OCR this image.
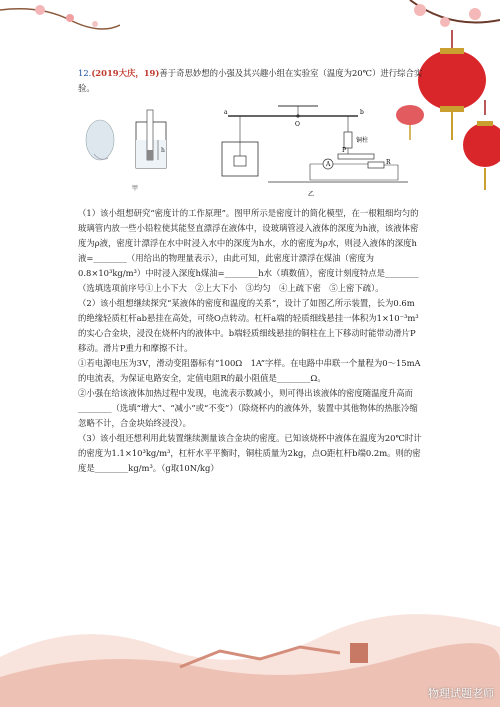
12.(2019大庆，19)善于奇思妙想的小强及其兴趣小组在实验室（温度为20℃）进行综合实验。

h
甲
a
O
b
铜柱
P
A	R
乙

（1）该小组想研究“密度计的工作原理”。图甲所示是密度计的简化模型，在一根粗细均匀的玻璃管内放一些小铅粒使其能竖直漂浮在液体中，设玻璃管浸入液体的深度为h液，该液体密度为ρ液，密度计漂浮在水中时浸入水中的深度为h水，水的密度为ρ水，则浸入液体的深度h液=________（用给出的物理量表示），由此可知，此密度计漂浮在煤油（密度为0.8×10³kg/m³）中时浸入深度h煤油=________h水（填数值），密度计刻度特点是________（选填选项前序号①上小下大　②上大下小　③均匀　④上疏下密　⑤上密下疏）。

（2）该小组想继续探究“某液体的密度和温度的关系”，设计了如图乙所示装置，长为0.6m的绝缘轻质杠杆ab悬挂在高处，可绕O点转动。杠杆a端的轻质细线悬挂一体积为1×10⁻³m³的实心合金块，浸没在烧杯内的液体中。b端轻质细线悬挂的铜柱在上下移动时能带动滑片P移动。滑片P重力和摩擦不计。

①若电源电压为3V，滑动变阻器标有“100Ω　1A”字样。在电路中串联一个量程为0～15mA的电流表，为保证电路安全，定值电阻R的最小阻值是________Ω。

②小强在给该液体加热过程中发现，电流表示数减小，则可得出该液体的密度随温度升高而________（选填“增大”、“减小”或“不变”）（除烧杯内的液体外，装置中其他物体的热胀冷缩忽略不计，合金块始终浸没）。

（3）该小组还想利用此装置继续测量该合金块的密度。已知该烧杯中液体在温度为20℃时计的密度为1.1×10³kg/m³，杠杆水平平衡时，铜柱质量为2kg，点O距杠杆b端0.2m。则的密度是________kg/m³。（g取10N/kg）

物理试题老师
